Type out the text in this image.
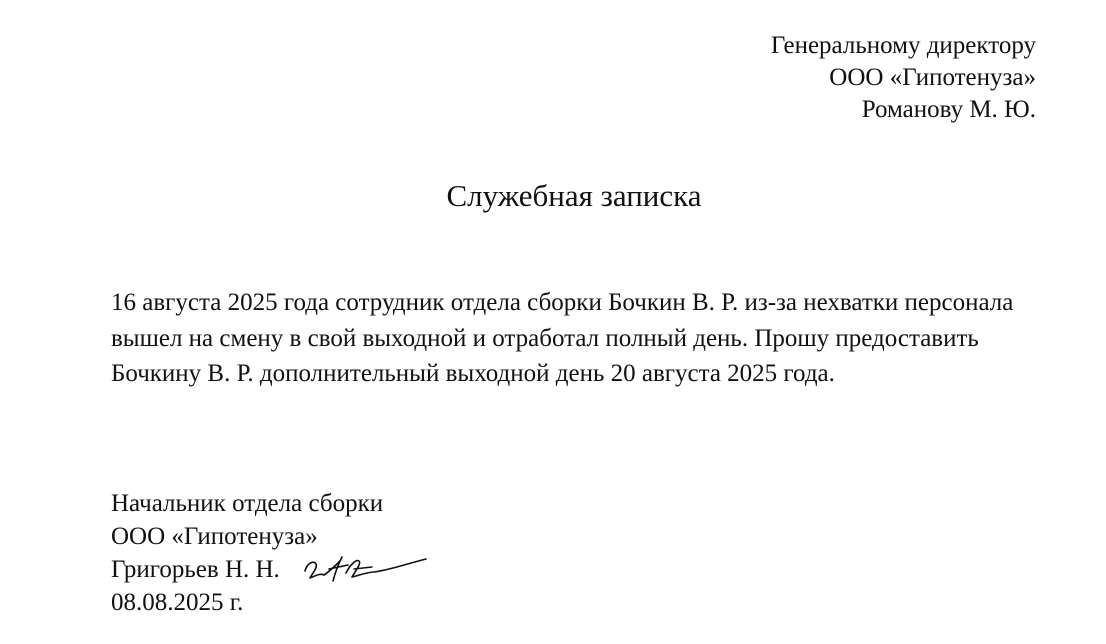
Генеральному директору
ООО «Гипотенуза»
Романову М. Ю.
Служебная записка

16 августа 2025 года сотрудник отдела сборки Бочкин В. Р. из-за нехватки персонала вышел на смену в свой выходной и отработал полный день. Прошу предоставить Бочкину В. Р. дополнительный выходной день 20 августа 2025 года.

Начальник отдела сборки
ООО «Гипотенуза»
Григорьев Н. Н.
08.08.2025 г.
